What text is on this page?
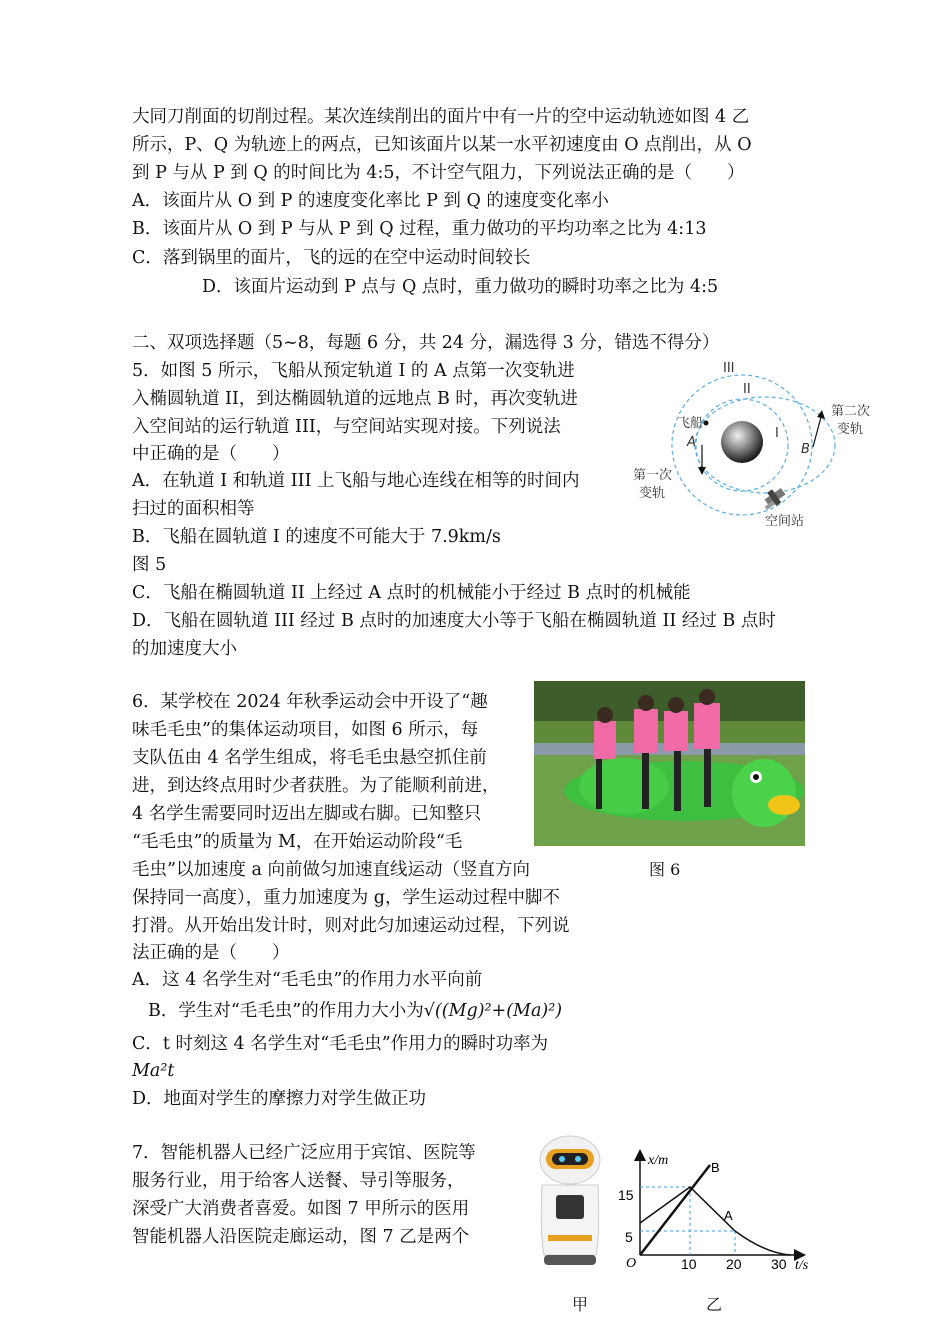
大同刀削面的切削过程。某次连续削出的面片中有一片的空中运动轨迹如图 4 乙
所示，P、Q 为轨迹上的两点，已知该面片以某一水平初速度由 O 点削出，从 O
到 P 与从 P 到 Q 的时间比为 4:5，不计空气阻力，下列说法正确的是（　　）
A．该面片从 O 到 P 的速度变化率比 P 到 Q 的速度变化率小
B．该面片从 O 到 P 与从 P 到 Q 过程，重力做功的平均功率之比为 4:13
C．落到锅里的面片，飞的远的在空中运动时间较长
D．该面片运动到 P 点与 Q 点时，重力做功的瞬时功率之比为 4:5
二、双项选择题（5~8，每题 6 分，共 24 分，漏选得 3 分，错选不得分）
5．如图 5 所示，飞船从预定轨道 I 的 A 点第一次变轨进
入椭圆轨道 II，到达椭圆轨道的远地点 B 时，再次变轨进
入空间站的运行轨道 III，与空间站实现对接。下列说法
中正确的是（　　）
A．在轨道 I 和轨道 III 上飞船与地心连线在相等的时间内
扫过的面积相等
B．飞船在圆轨道 I 的速度不可能大于 7.9km/s
图 5
C．飞船在椭圆轨道 II 上经过 A 点时的机械能小于经过 B 点时的机械能
D．飞船在圆轨道 III 经过 B 点时的加速度大小等于飞船在椭圆轨道 II 经过 B 点时
的加速度大小
III
II
I
飞船
A
第一次
变轨
B
第二次
变轨
空间站
6．某学校在 2024 年秋季运动会中开设了“趣
味毛毛虫”的集体运动项目，如图 6 所示，每
支队伍由 4 名学生组成，将毛毛虫悬空抓住前
进，到达终点用时少者获胜。为了能顺利前进，
4 名学生需要同时迈出左脚或右脚。已知整只
“毛毛虫”的质量为 M，在开始运动阶段“毛
毛虫”以加速度 a 向前做匀加速直线运动（竖直方向
保持同一高度），重力加速度为 g，学生运动过程中脚不
打滑。从开始出发计时，则对此匀加速运动过程，下列说
法正确的是（　　）
A．这 4 名学生对“毛毛虫”的作用力水平向前
B．学生对“毛毛虫”的作用力大小为√((Mg)²+(Ma)²)
C．t 时刻这 4 名学生对“毛毛虫”作用力的瞬时功率为
Ma²t
D．地面对学生的摩擦力对学生做正功
图 6
7．智能机器人已经广泛应用于宾馆、医院等
服务行业，用于给客人送餐、导引等服务，
深受广大消费者喜爱。如图 7 甲所示的医用
智能机器人沿医院走廊运动，图 7 乙是两个
甲
x/m
t/s
O
15
5
10 20 30
B
A
乙
